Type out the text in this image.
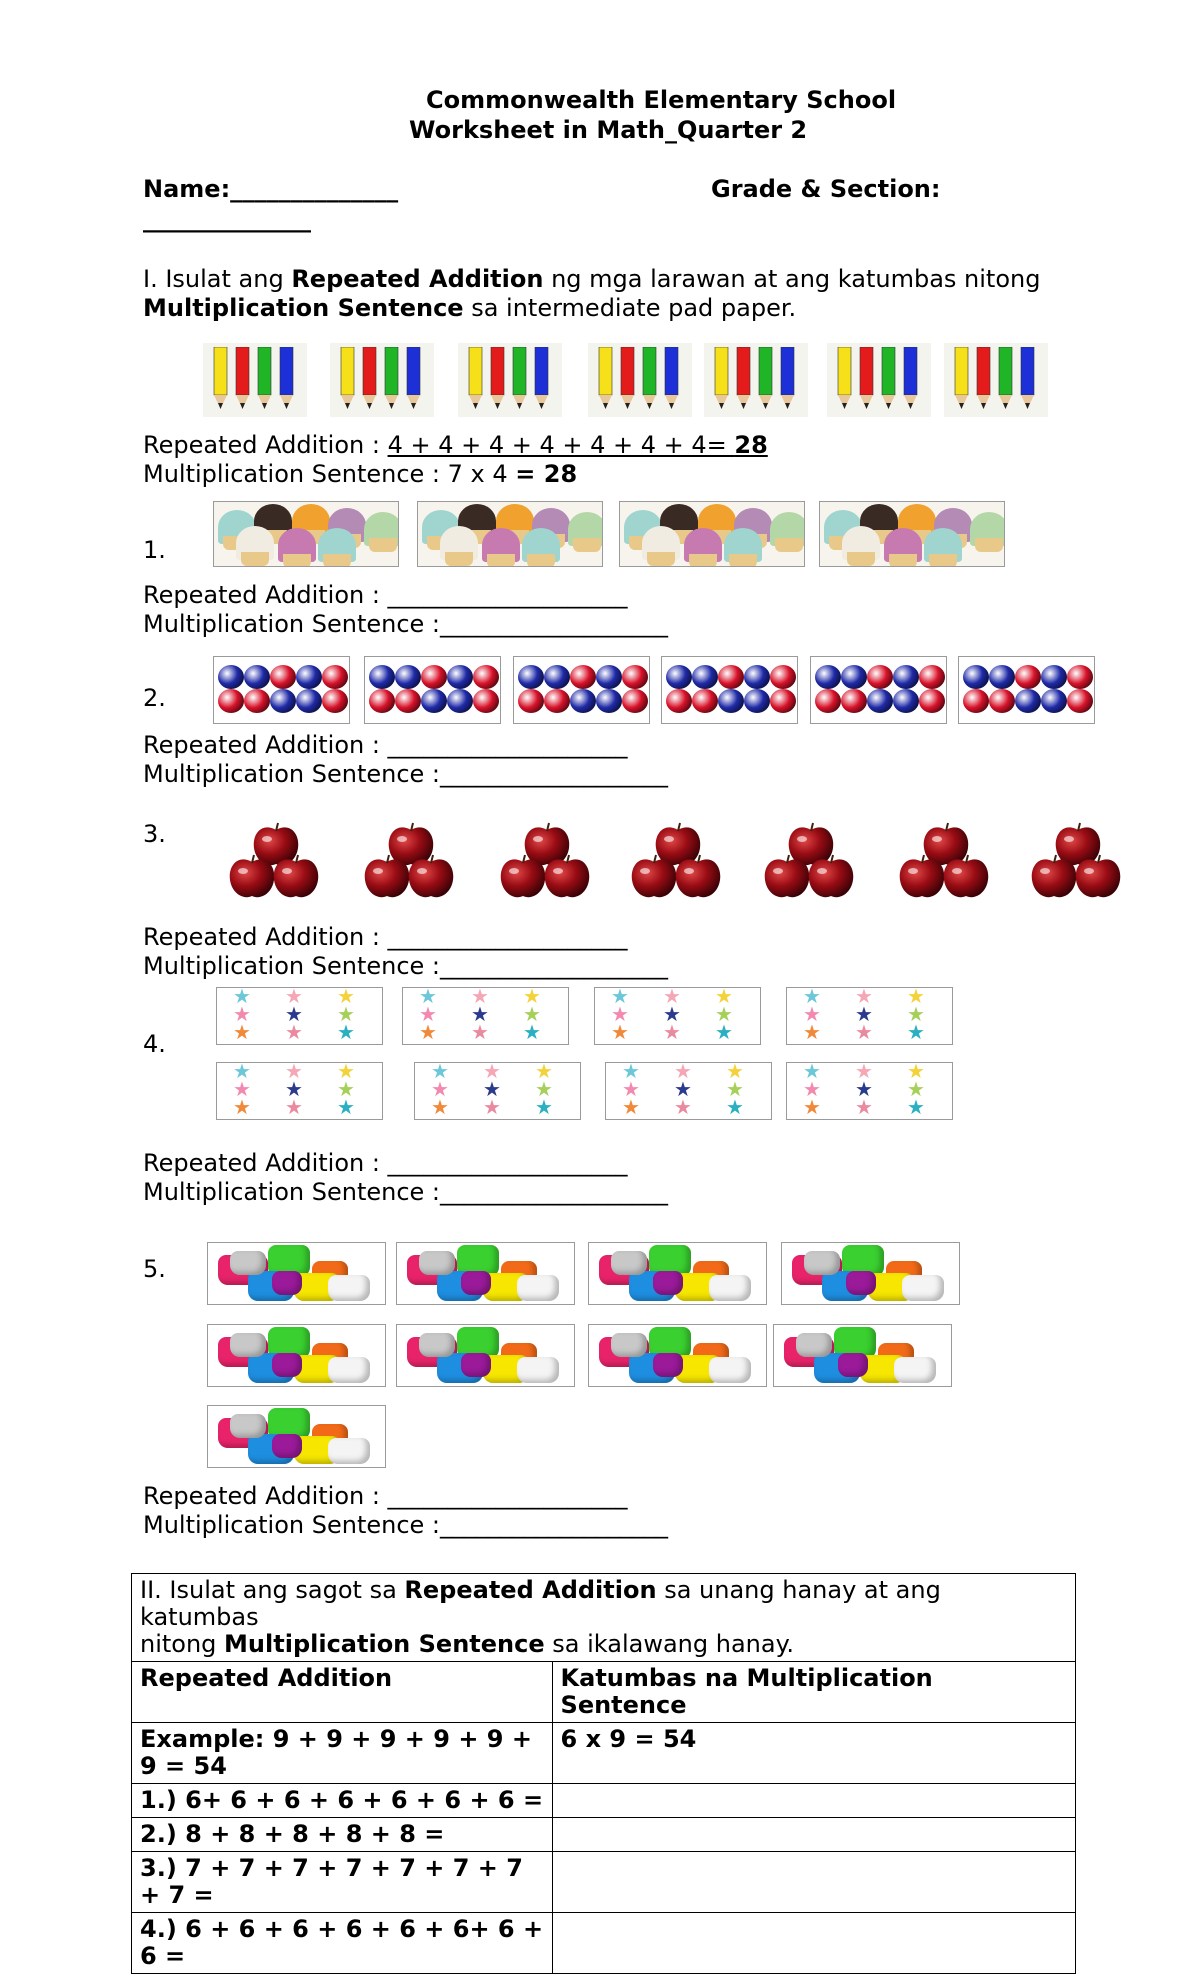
Commonwealth Elementary School
Worksheet in Math_Quarter 2
Name:______________	Grade & Section:
______________
I. Isulat ang Repeated Addition ng mga larawan at ang katumbas nitong
Multiplication Sentence sa intermediate pad paper.
Repeated Addition : 4 + 4 + 4 + 4 + 4 + 4 + 4= 28
Multiplication Sentence : 7 x 4 = 28
1.
Repeated Addition : ____________________
Multiplication Sentence :___________________
2.
Repeated Addition : ____________________
Multiplication Sentence :___________________
3.
Repeated Addition : ____________________
Multiplication Sentence :___________________
4.
★ ★ ★
★ ★ ★
★ ★ ★
★ ★ ★
★ ★ ★
★ ★ ★
★ ★ ★
★ ★ ★
★ ★ ★
★ ★ ★
★ ★ ★
★ ★ ★
★ ★ ★
★ ★ ★
★ ★ ★
★ ★ ★
★ ★ ★
★ ★ ★
★ ★ ★
★ ★ ★
★ ★ ★
★ ★ ★
★ ★ ★
★ ★ ★
Repeated Addition : ____________________
Multiplication Sentence :___________________
5.
Repeated Addition : ____________________
Multiplication Sentence :___________________
II. Isulat ang sagot sa Repeated Addition sa unang hanay at ang katumbas
nitong Multiplication Sentence sa ikalawang hanay.	
Repeated Addition	Katumbas na Multiplication Sentence
Example: 9 + 9 + 9 + 9 + 9 + 9 = 54	6 x 9 = 54
1.) 6+ 6 + 6 + 6 + 6 + 6 + 6 =	
2.) 8 + 8 + 8 + 8 + 8 =	
3.) 7 + 7 + 7 + 7 + 7 + 7 + 7 + 7 =	
4.) 6 + 6 + 6 + 6 + 6 + 6+ 6 + 6 =	
